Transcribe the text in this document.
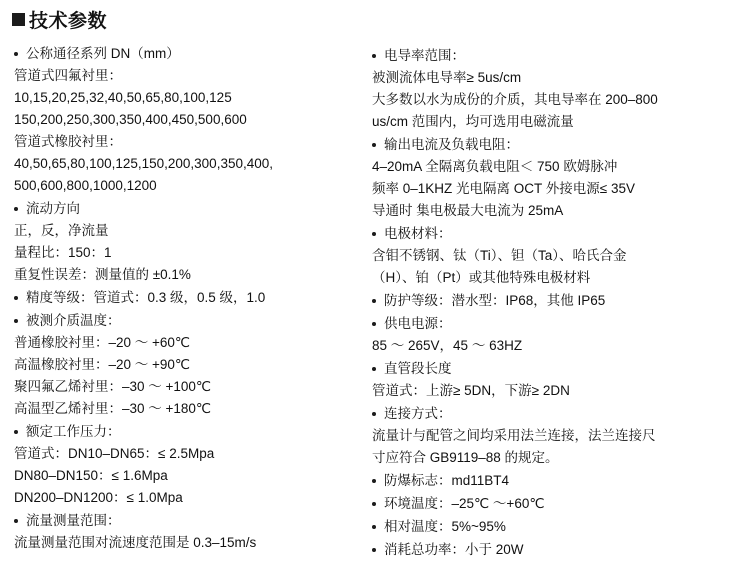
技术参数
公称通径系列 DN（mm）
管道式四氟衬里：
10,15,20,25,32,40,50,65,80,100,125
150,200,250,300,350,400,450,500,600
管道式橡胶衬里：
40,50,65,80,100,125,150,200,300,350,400,
500,600,800,1000,1200
流动方向
正，反，净流量
量程比：150：1
重复性误差：测量值的 ±0.1%
精度等级：管道式：0.3 级，0.5 级，1.0
被测介质温度：
普通橡胶衬里：–20 ～ +60℃
高温橡胶衬里：–20 ～ +90℃
聚四氟乙烯衬里：–30 ～ +100℃
高温型乙烯衬里：–30 ～ +180℃
额定工作压力：
管道式：DN10–DN65：≤ 2.5Mpa
DN80–DN150：≤ 1.6Mpa
DN200–DN1200：≤ 1.0Mpa
流量测量范围：
流量测量范围对流速度范围是 0.3–15m/s
电导率范围：
被测流体电导率≥ 5us/cm
大多数以水为成份的介质，其电导率在 200–800
us/cm 范围内，均可选用电磁流量
输出电流及负载电阻：
4–20mA 全隔离负载电阻＜ 750 欧姆脉冲
频率 0–1KHZ 光电隔离 OCT 外接电源≤ 35V
导通时 集电极最大电流为 25mA
电极材料：
含钼不锈钢、钛（Ti）、钽（Ta）、哈氏合金
（H）、铂（Pt）或其他特殊电极材料
防护等级：潜水型：IP68，其他 IP65
供电电源：
85 ～ 265V，45 ～ 63HZ
直管段长度
管道式：上游≥ 5DN，下游≥ 2DN
连接方式：
流量计与配管之间均采用法兰连接，法兰连接尺
寸应符合 GB9119–88 的规定。
防爆标志：md11BT4
环境温度：–25℃ ～+60℃
相对温度：5%~95%
消耗总功率：小于 20W
